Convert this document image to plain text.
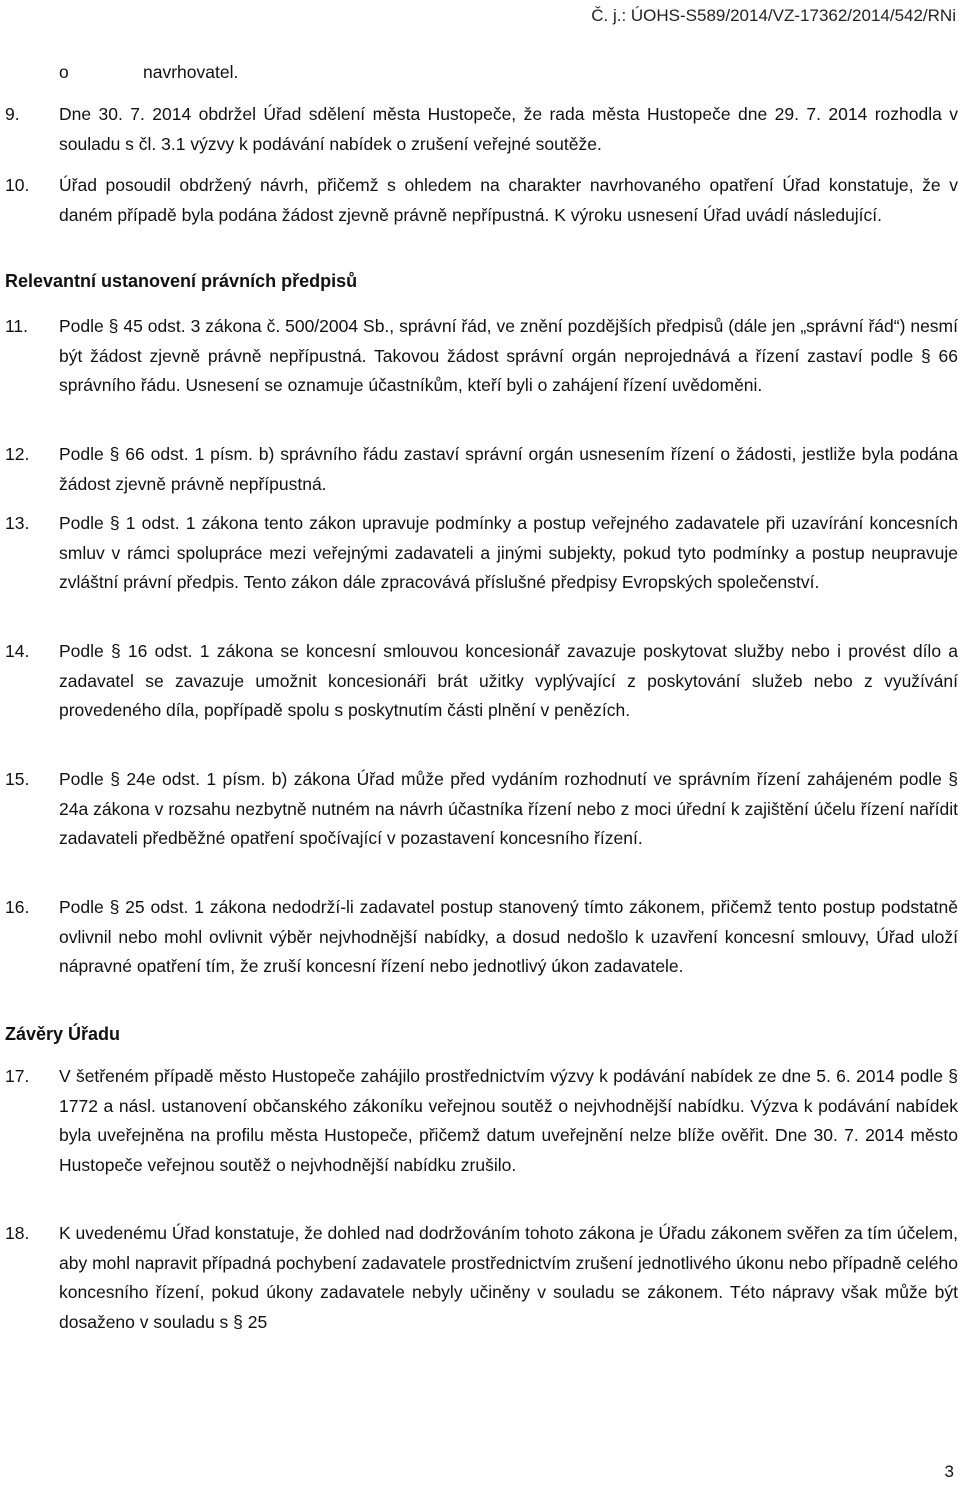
Č. j.: ÚOHS-S589/2014/VZ-17362/2014/542/RNi
o	navrhovatel.
9.	Dne 30. 7. 2014 obdržel Úřad sdělení města Hustopeče, že rada města Hustopeče dne 29. 7. 2014 rozhodla v souladu s čl. 3.1 výzvy k podávání nabídek o zrušení veřejné soutěže.
10.	Úřad posoudil obdržený návrh, přičemž s ohledem na charakter navrhovaného opatření Úřad konstatuje, že v daném případě byla podána žádost zjevně právně nepřípustná. K výroku usnesení Úřad uvádí následující.
Relevantní ustanovení právních předpisů
11.	Podle § 45 odst. 3 zákona č. 500/2004 Sb., správní řád, ve znění pozdějších předpisů (dále jen „správní řád“) nesmí být žádost zjevně právně nepřípustná. Takovou žádost správní orgán neprojednává a řízení zastaví podle § 66 správního řádu. Usnesení se oznamuje účastníkům, kteří byli o zahájení řízení uvědoměni.
12.	Podle § 66 odst. 1 písm. b) správního řádu zastaví správní orgán usnesením řízení o žádosti, jestliže byla podána žádost zjevně právně nepřípustná.
13.	Podle § 1 odst. 1 zákona tento zákon upravuje podmínky a postup veřejného zadavatele při uzavírání koncesních smluv v rámci spolupráce mezi veřejnými zadavateli a jinými subjekty, pokud tyto podmínky a postup neupravuje zvláštní právní předpis. Tento zákon dále zpracovává příslušné předpisy Evropských společenství.
14.	Podle § 16 odst. 1 zákona se koncesní smlouvou koncesionář zavazuje poskytovat služby nebo i provést dílo a zadavatel se zavazuje umožnit koncesionáři brát užitky vyplývající z poskytování služeb nebo z využívání provedeného díla, popřípadě spolu s poskytnutím části plnění v penězích.
15.	Podle § 24e odst. 1 písm. b) zákona Úřad může před vydáním rozhodnutí ve správním řízení zahájeném podle § 24a zákona v rozsahu nezbytně nutném na návrh účastníka řízení nebo z moci úřední k zajištění účelu řízení nařídit zadavateli předběžné opatření spočívající v pozastavení koncesního řízení.
16.	Podle § 25 odst. 1 zákona nedodrží-li zadavatel postup stanovený tímto zákonem, přičemž tento postup podstatně ovlivnil nebo mohl ovlivnit výběr nejvhodnější nabídky, a dosud nedošlo k uzavření koncesní smlouvy, Úřad uloží nápravné opatření tím, že zruší koncesní řízení nebo jednotlivý úkon zadavatele.
Závěry Úřadu
17.	V šetřeném případě město Hustopeče zahájilo prostřednictvím výzvy k podávání nabídek ze dne 5. 6. 2014 podle § 1772 a násl. ustanovení občanského zákoníku veřejnou soutěž o nejvhodnější nabídku. Výzva k podávání nabídek byla uveřejněna na profilu města Hustopeče, přičemž datum uveřejnění nelze blíže ověřit. Dne 30. 7. 2014 město Hustopeče veřejnou soutěž o nejvhodnější nabídku zrušilo.
18.	K uvedenému Úřad konstatuje, že dohled nad dodržováním tohoto zákona je Úřadu zákonem svěřen za tím účelem, aby mohl napravit případná pochybení zadavatele prostřednictvím zrušení jednotlivého úkonu nebo případně celého koncesního řízení, pokud úkony zadavatele nebyly učiněny v souladu se zákonem. Této nápravy však může být dosaženo v souladu s § 25
3
